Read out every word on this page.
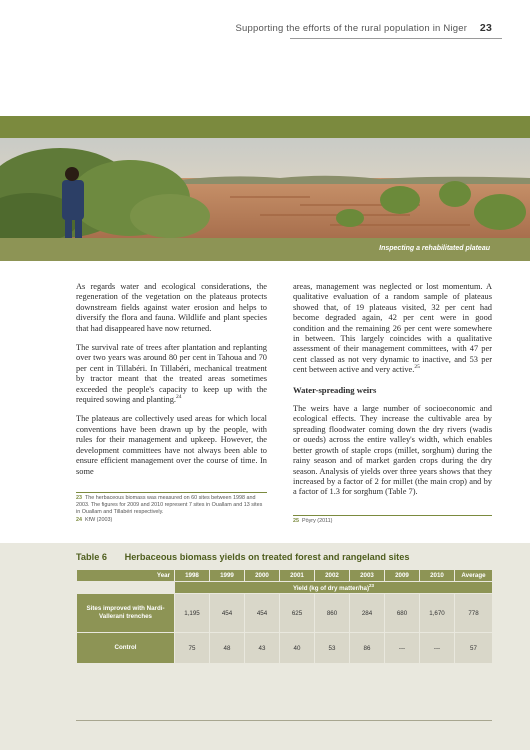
Supporting the efforts of the rural population in Niger 23
Inspecting a rehabilitated plateau

As regards water and ecological considerations, the regeneration of the vegetation on the plateaus protects downstream fields against water erosion and helps to diversify the flora and fauna. Wildlife and plant species that had disappeared have now returned.

The survival rate of trees after plantation and replanting over two years was around 80 per cent in Tahoua and 70 per cent in Tillabéri. In Tillabéri, mechanical treatment by tractor meant that the treated areas sometimes exceeded the people's capacity to keep up with the required sowing and planting.$^{24}$

The plateaus are collectively used areas for which local conventions have been drawn up by the people, with rules for their management and upkeep. However, the development committees have not always been able to ensure efficient management over the course of time. In some

areas, management was neglected or lost momentum. A qualitative evaluation of a random sample of plateaus showed that, of 19 plateaus visited, 32 per cent had become degraded again, 42 per cent were in good condition and the remaining 26 per cent were somewhere in between. This largely coincides with a qualitative assessment of their management committees, with 47 per cent classed as not very dynamic to inactive, and 53 per cent between active and very active.$^{25}$

Water-spreading weirs

The weirs have a large number of socioeconomic and ecological effects. They increase the cultivable area by spreading floodwater coming down the dry rivers (wadis or oueds) across the entire valley's width, which enables better growth of staple crops (millet, sorghum) during the rainy season and of market garden crops during the dry season. Analysis of yields over three years shows that they increased by a factor of 2 for millet (the main crop) and by a factor of 1.3 for sorghum (Table 7).

23 The herbaceous biomass was measured on 60 sites between 1998 and 2003. The figures for 2009 and 2010 represent 7 sites in Ouallam and 13 sites in Ouallam and Tillabéri respectively.
24 KfW (2003)	25 Pöyry (2011)
Table 6 Herbaceous biomass yields on treated forest and rangeland sites
Year	1998	1999	2000	2001	2002	2003	2009	2010	Average
	Yield (kg of dry matter/ha)$^{23}$
Sites improved with Nardi-Vallerani trenches	1,195	454	454	625	860	284	680	1,670	778
Control	75	48	43	40	53	86	---	---	57
